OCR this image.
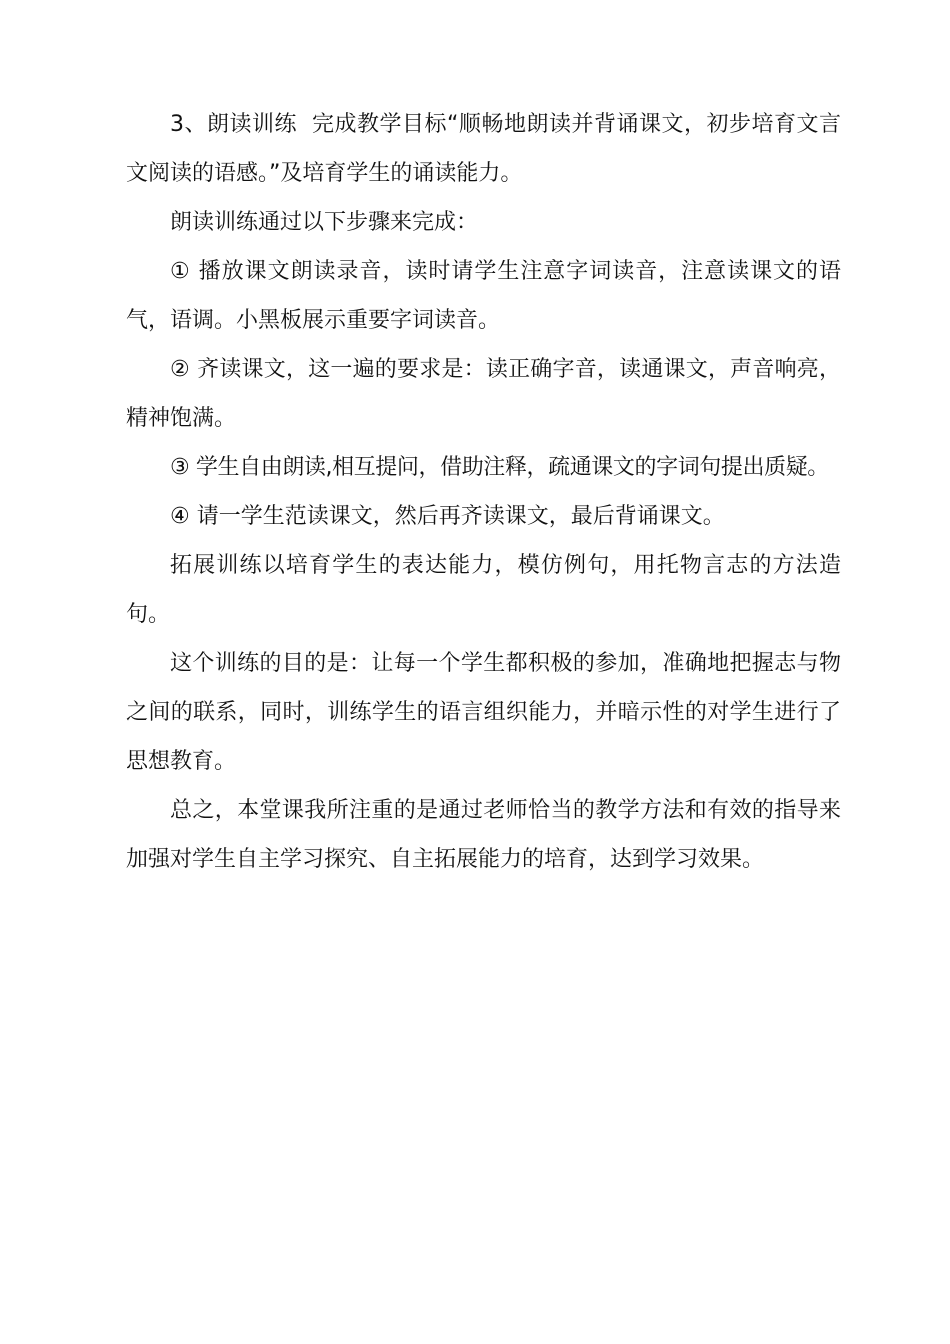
3、朗读训练  完成教学目标“顺畅地朗读并背诵课文，初步培育文言文阅读的语感。”及培育学生的诵读能力。

朗读训练通过以下步骤来完成：

① 播放课文朗读录音，读时请学生注意字词读音，注意读课文的语气，语调。小黑板展示重要字词读音。

② 齐读课文，这一遍的要求是：读正确字音，读通课文，声音响亮，精神饱满。

③ 学生自由朗读,相互提问，借助注释，疏通课文的字词句提出质疑。

④ 请一学生范读课文，然后再齐读课文，最后背诵课文。

拓展训练以培育学生的表达能力，模仿例句，用托物言志的方法造句。

这个训练的目的是：让每一个学生都积极的参加，准确地把握志与物之间的联系，同时，训练学生的语言组织能力，并暗示性的对学生进行了思想教育。

总之，本堂课我所注重的是通过老师恰当的教学方法和有效的指导来加强对学生自主学习探究、自主拓展能力的培育，达到学习效果。
